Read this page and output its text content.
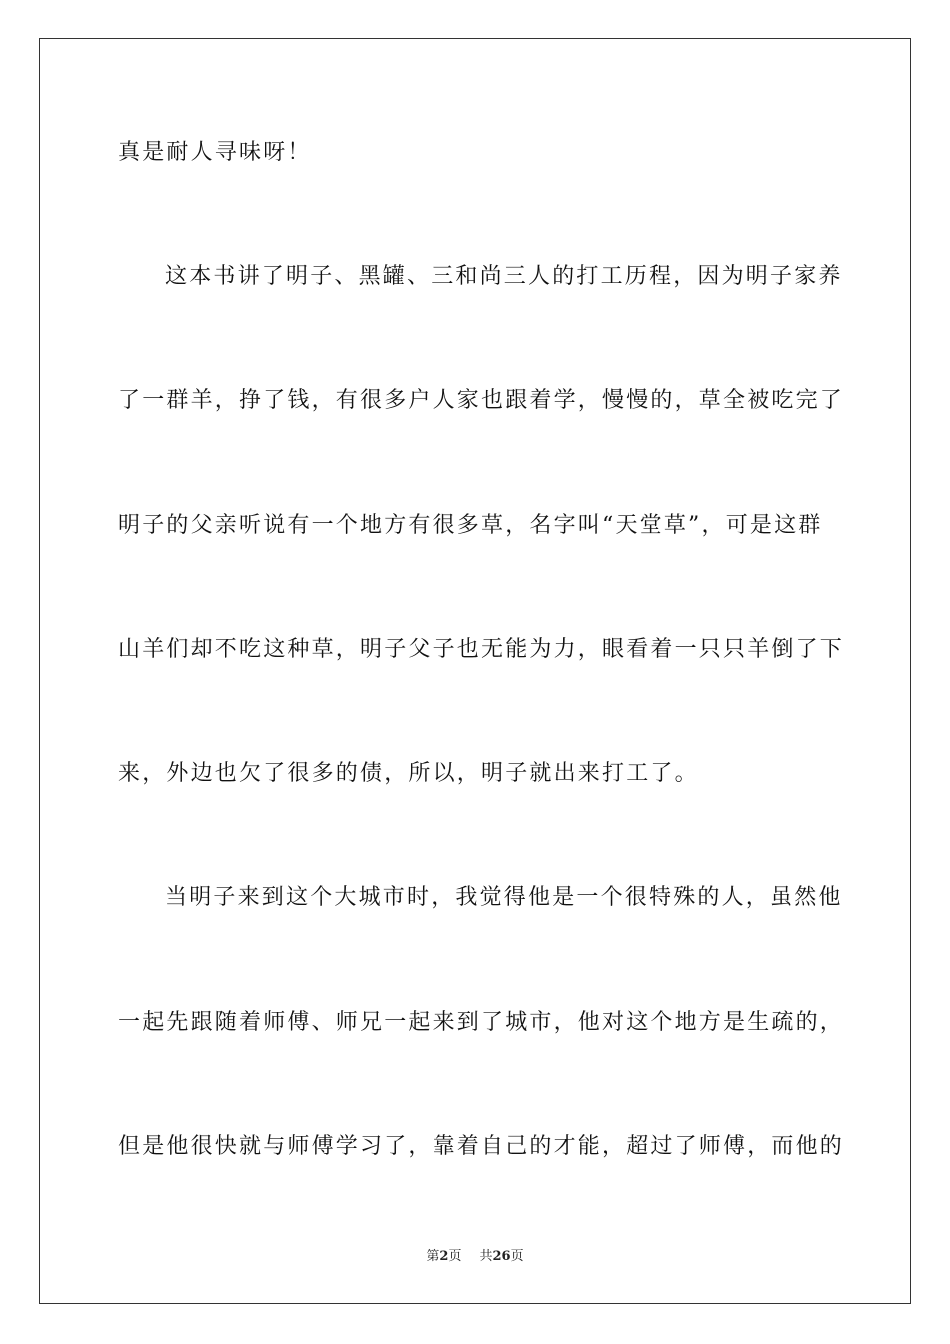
真是耐人寻味呀！
这本书讲了明子、黑罐、三和尚三人的打工历程，因为明子家养
了一群羊，挣了钱，有很多户人家也跟着学，慢慢的，草全被吃完了
明子的父亲听说有一个地方有很多草，名字叫“天堂草”，可是这群
山羊们却不吃这种草，明子父子也无能为力，眼看着一只只羊倒了下
来，外边也欠了很多的债，所以，明子就出来打工了。
当明子来到这个大城市时，我觉得他是一个很特殊的人，虽然他
一起先跟随着师傅、师兄一起来到了城市，他对这个地方是生疏的，
但是他很快就与师傅学习了，靠着自己的才能，超过了师傅，而他的
第2页 共26页
